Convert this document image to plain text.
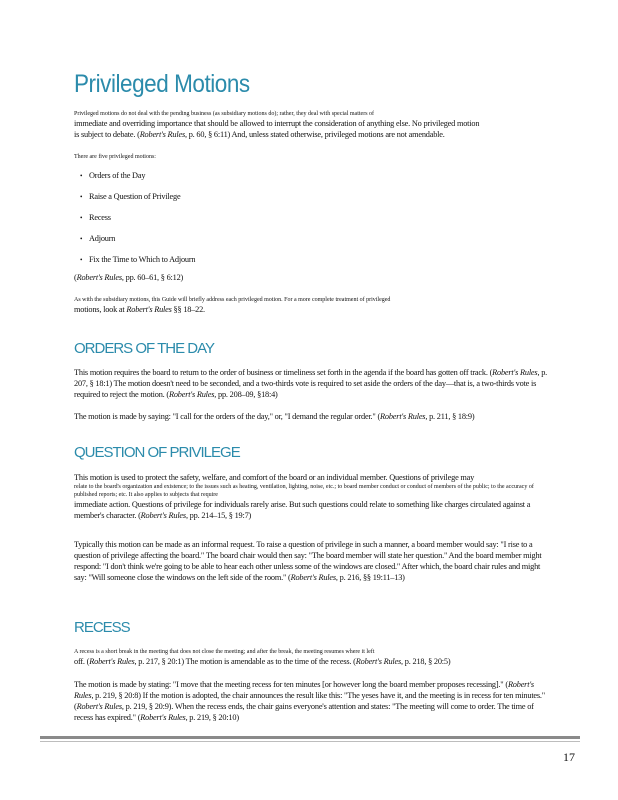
Privileged Motions
Privileged motions do not deal with the pending business (as subsidiary motions do); rather, they deal with special matters of
immediate and overriding importance that should be allowed to interrupt the consideration of anything else. No privileged motion
is subject to debate. (Robert's Rules, p. 60, § 6:11) And, unless stated otherwise, privileged motions are not amendable.
There are five privileged motions:
• Orders of the Day
• Raise a Question of Privilege
• Recess
• Adjourn
• Fix the Time to Which to Adjourn
(Robert's Rules, pp. 60–61, § 6:12)
As with the subsidiary motions, this Guide will briefly address each privileged motion. For a more complete treatment of privileged
motions, look at Robert's Rules §§ 18–22.
ORDERS OF THE DAY
This motion requires the board to return to the order of business or timeliness set forth in the agenda if the board has gotten off track. (Robert's Rules, p. 207, § 18:1) The motion doesn't need to be seconded, and a two-thirds vote is required to set aside the orders of the day—that is, a two-thirds vote is required to reject the motion. (Robert's Rules, pp. 208–09, §18:4)
The motion is made by saying: "I call for the orders of the day," or, "I demand the regular order." (Robert's Rules, p. 211, § 18:9)
QUESTION OF PRIVILEGE
This motion is used to protect the safety, welfare, and comfort of the board or an individual member. Questions of privilege may
relate to the board's organization and existence; to the issues such as heating, ventilation, lighting, noise, etc.; to board member conduct or conduct of members of the public; to the accuracy of published reports; etc. It also applies to subjects that require
immediate action. Questions of privilege for individuals rarely arise. But such questions could relate to something like charges circulated against a member's character. (Robert's Rules, pp. 214–15, § 19:7)
Typically this motion can be made as an informal request. To raise a question of privilege in such a manner, a board member would say: "I rise to a question of privilege affecting the board." The board chair would then say: "The board member will state her question." And the board member might respond: "I don't think we're going to be able to hear each other unless some of the windows are closed." After which, the board chair rules and might say: "Will someone close the windows on the left side of the room." (Robert's Rules, p. 216, §§ 19:11–13)
RECESS
A recess is a short break in the meeting that does not close the meeting; and after the break, the meeting resumes where it left
off. (Robert's Rules, p. 217, § 20:1) The motion is amendable as to the time of the recess. (Robert's Rules, p. 218, § 20:5)
The motion is made by stating: "I move that the meeting recess for ten minutes [or however long the board member proposes recessing]." (Robert's Rules, p. 219, § 20:8) If the motion is adopted, the chair announces the result like this: "The yeses have it, and the meeting is in recess for ten minutes." (Robert's Rules, p. 219, § 20:9). When the recess ends, the chair gains everyone's attention and states: "The meeting will come to order. The time of recess has expired." (Robert's Rules, p. 219, § 20:10)
17
